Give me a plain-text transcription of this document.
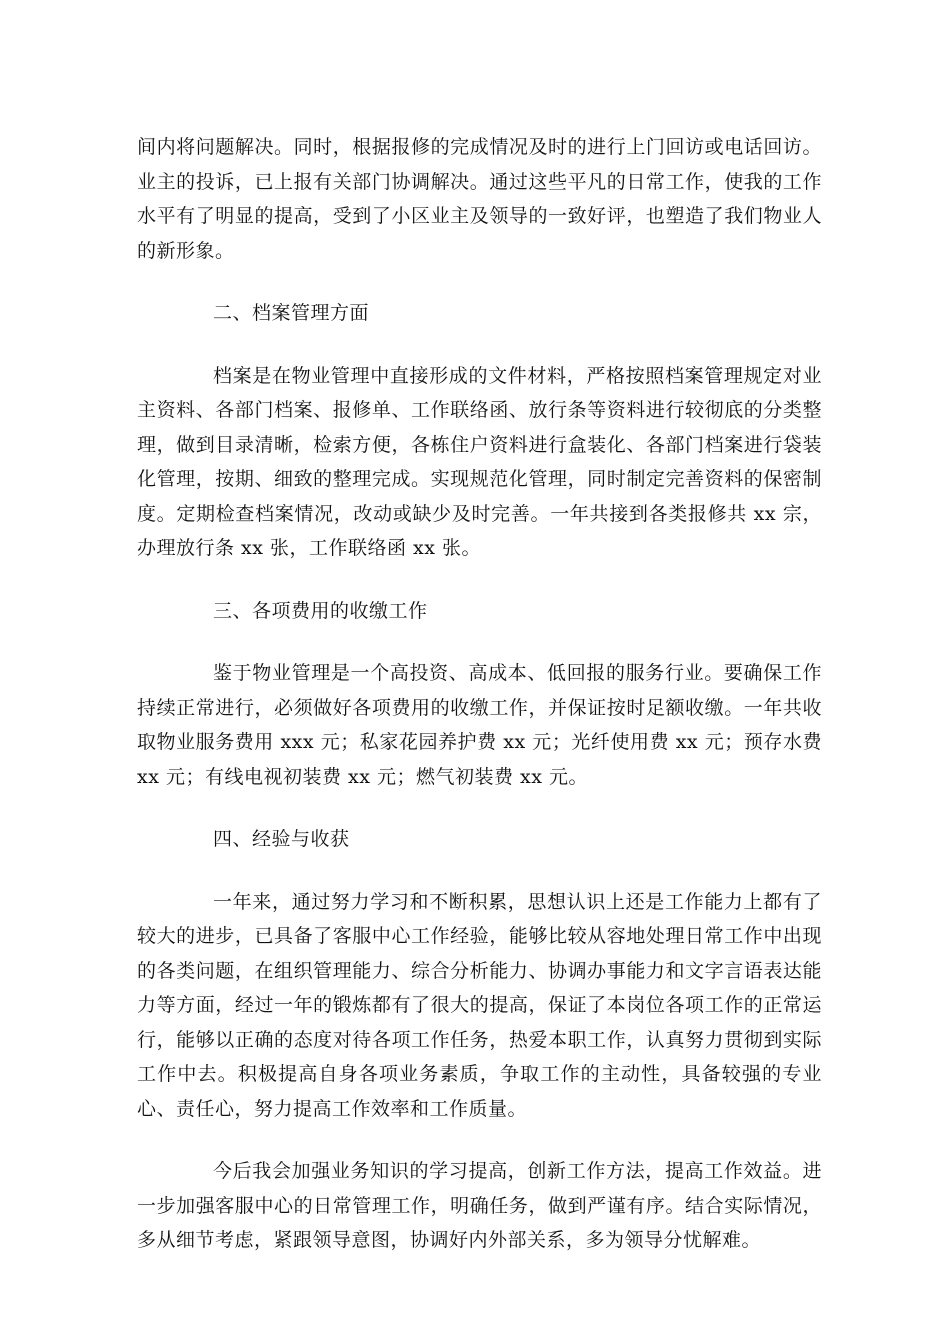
间内将问题解决。同时，根据报修的完成情况及时的进行上门回访或电话回访。业主的投诉，已上报有关部门协调解决。通过这些平凡的日常工作，使我的工作水平有了明显的提高，受到了小区业主及领导的一致好评，也塑造了我们物业人的新形象。

二、档案管理方面

档案是在物业管理中直接形成的文件材料，严格按照档案管理规定对业主资料、各部门档案、报修单、工作联络函、放行条等资料进行较彻底的分类整理，做到目录清晰，检索方便，各栋住户资料进行盒装化、各部门档案进行袋装化管理，按期、细致的整理完成。实现规范化管理，同时制定完善资料的保密制度。定期检查档案情况，改动或缺少及时完善。一年共接到各类报修共 xx 宗，办理放行条 xx 张，工作联络函 xx 张。

三、各项费用的收缴工作

鉴于物业管理是一个高投资、高成本、低回报的服务行业。要确保工作持续正常进行，必须做好各项费用的收缴工作，并保证按时足额收缴。一年共收取物业服务费用 xxx 元；私家花园养护费 xx 元；光纤使用费 xx 元；预存水费 xx 元；有线电视初装费 xx 元；燃气初装费 xx 元。

四、经验与收获

一年来，通过努力学习和不断积累，思想认识上还是工作能力上都有了较大的进步，已具备了客服中心工作经验，能够比较从容地处理日常工作中出现的各类问题，在组织管理能力、综合分析能力、协调办事能力和文字言语表达能力等方面，经过一年的锻炼都有了很大的提高，保证了本岗位各项工作的正常运行，能够以正确的态度对待各项工作任务，热爱本职工作，认真努力贯彻到实际工作中去。积极提高自身各项业务素质，争取工作的主动性，具备较强的专业心、责任心，努力提高工作效率和工作质量。

今后我会加强业务知识的学习提高，创新工作方法，提高工作效益。进一步加强客服中心的日常管理工作，明确任务，做到严谨有序。结合实际情况，多从细节考虑，紧跟领导意图，协调好内外部关系，多为领导分忧解难。
